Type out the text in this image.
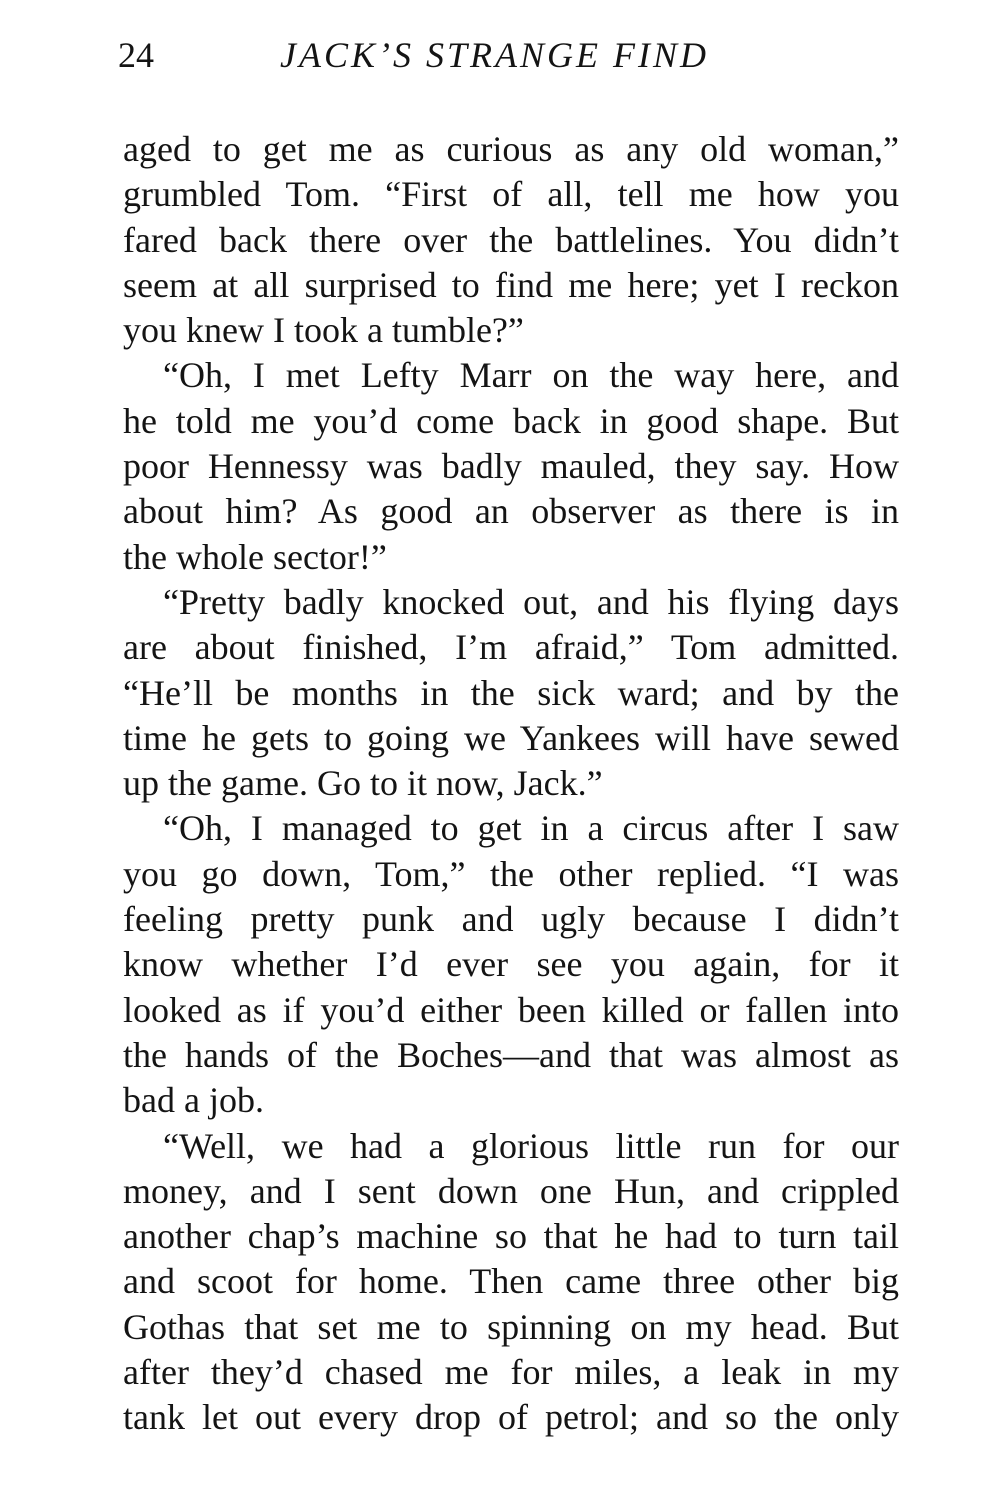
24	JACK’S STRANGE FIND
aged to get me as curious as any old woman,”
grumbled Tom. “First of all, tell me how you
fared back there over the battlelines. You didn’t
seem at all surprised to find me here; yet I reckon
you knew I took a tumble?”
“Oh, I met Lefty Marr on the way here, and
he told me you’d come back in good shape. But
poor Hennessy was badly mauled, they say. How
about him? As good an observer as there is in
the whole sector!”
“Pretty badly knocked out, and his flying days
are about finished, I’m afraid,” Tom admitted.
“He’ll be months in the sick ward; and by the
time he gets to going we Yankees will have sewed
up the game. Go to it now, Jack.”
“Oh, I managed to get in a circus after I saw
you go down, Tom,” the other replied. “I was
feeling pretty punk and ugly because I didn’t
know whether I’d ever see you again, for it
looked as if you’d either been killed or fallen into
the hands of the Boches—and that was almost as
bad a job.
“Well, we had a glorious little run for our
money, and I sent down one Hun, and crippled
another chap’s machine so that he had to turn tail
and scoot for home. Then came three other big
Gothas that set me to spinning on my head. But
after they’d chased me for miles, a leak in my
tank let out every drop of petrol; and so the only
